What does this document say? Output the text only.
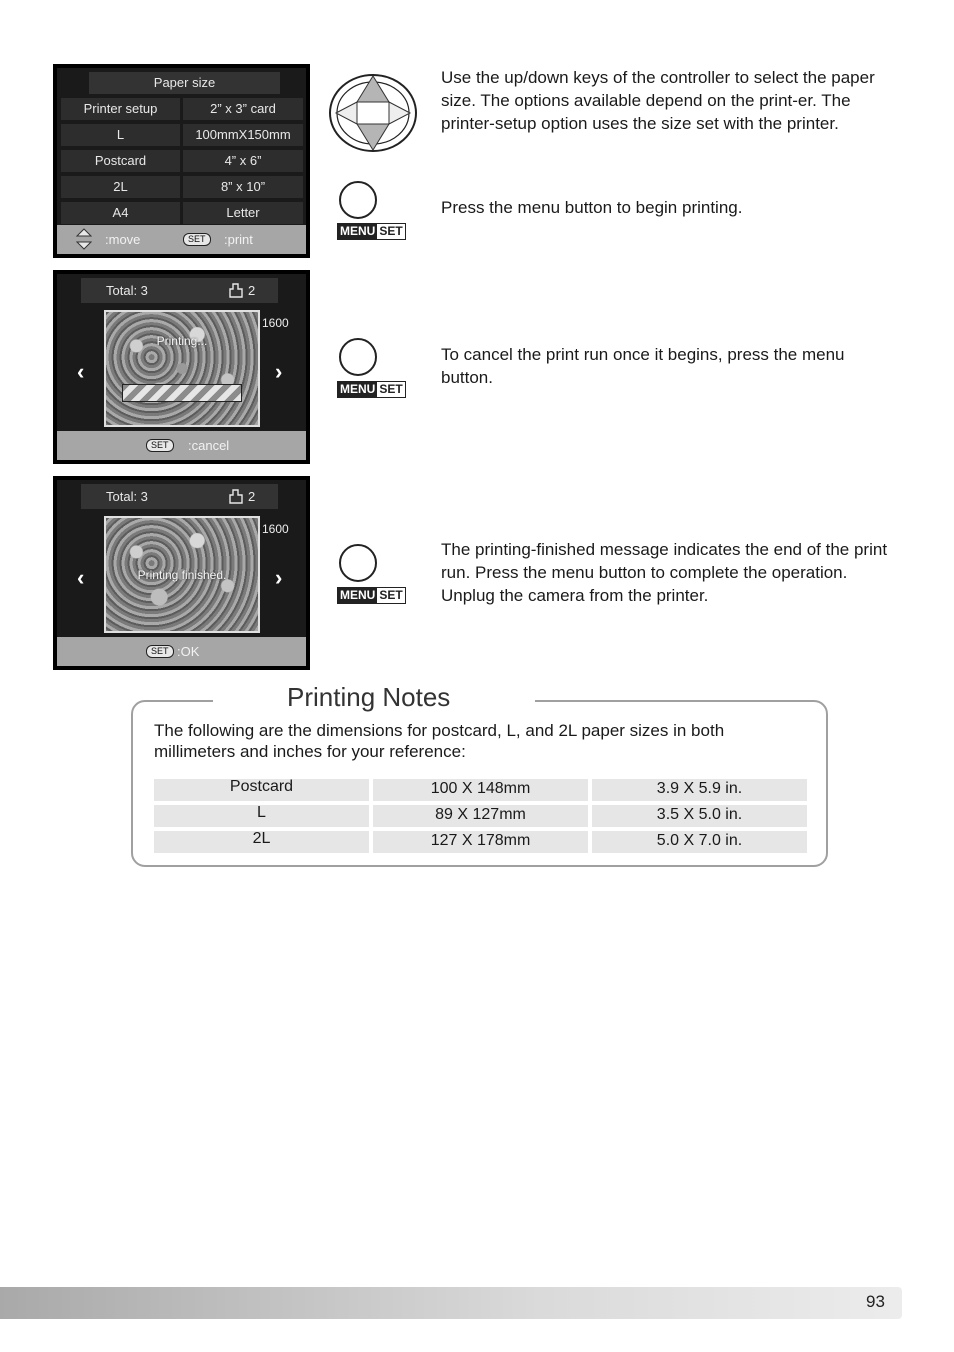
Paper size
Printer setup	2” x 3” card
L	100mmX150mm
Postcard	4” x 6”
2L	8” x 10”
A4	Letter
:move	SET	:print
Total: 3	2
‹
Printing...
1600
›
SET	:cancel
Total: 3	2
‹	Printing finished.
1600
›
SET :OK
MENU SET
MENU SET
MENU SET
Use the up/down keys of the controller to select the paper size. The options available depend on the print-er. The printer-setup option uses the size set with the printer.
Press the menu button to begin printing.
To cancel the print run once it begins, press the menu button.
The printing-finished message indicates the end of the print run. Press the menu button to complete the operation. Unplug the camera from the printer.
Printing Notes
The following are the dimensions for postcard, L, and 2L paper sizes in both millimeters and inches for your reference:
Postcard	100 X 148mm	3.9 X 5.9 in.
L	89 X 127mm	3.5 X 5.0 in.
2L	127 X 178mm	5.0 X 7.0 in.
93
